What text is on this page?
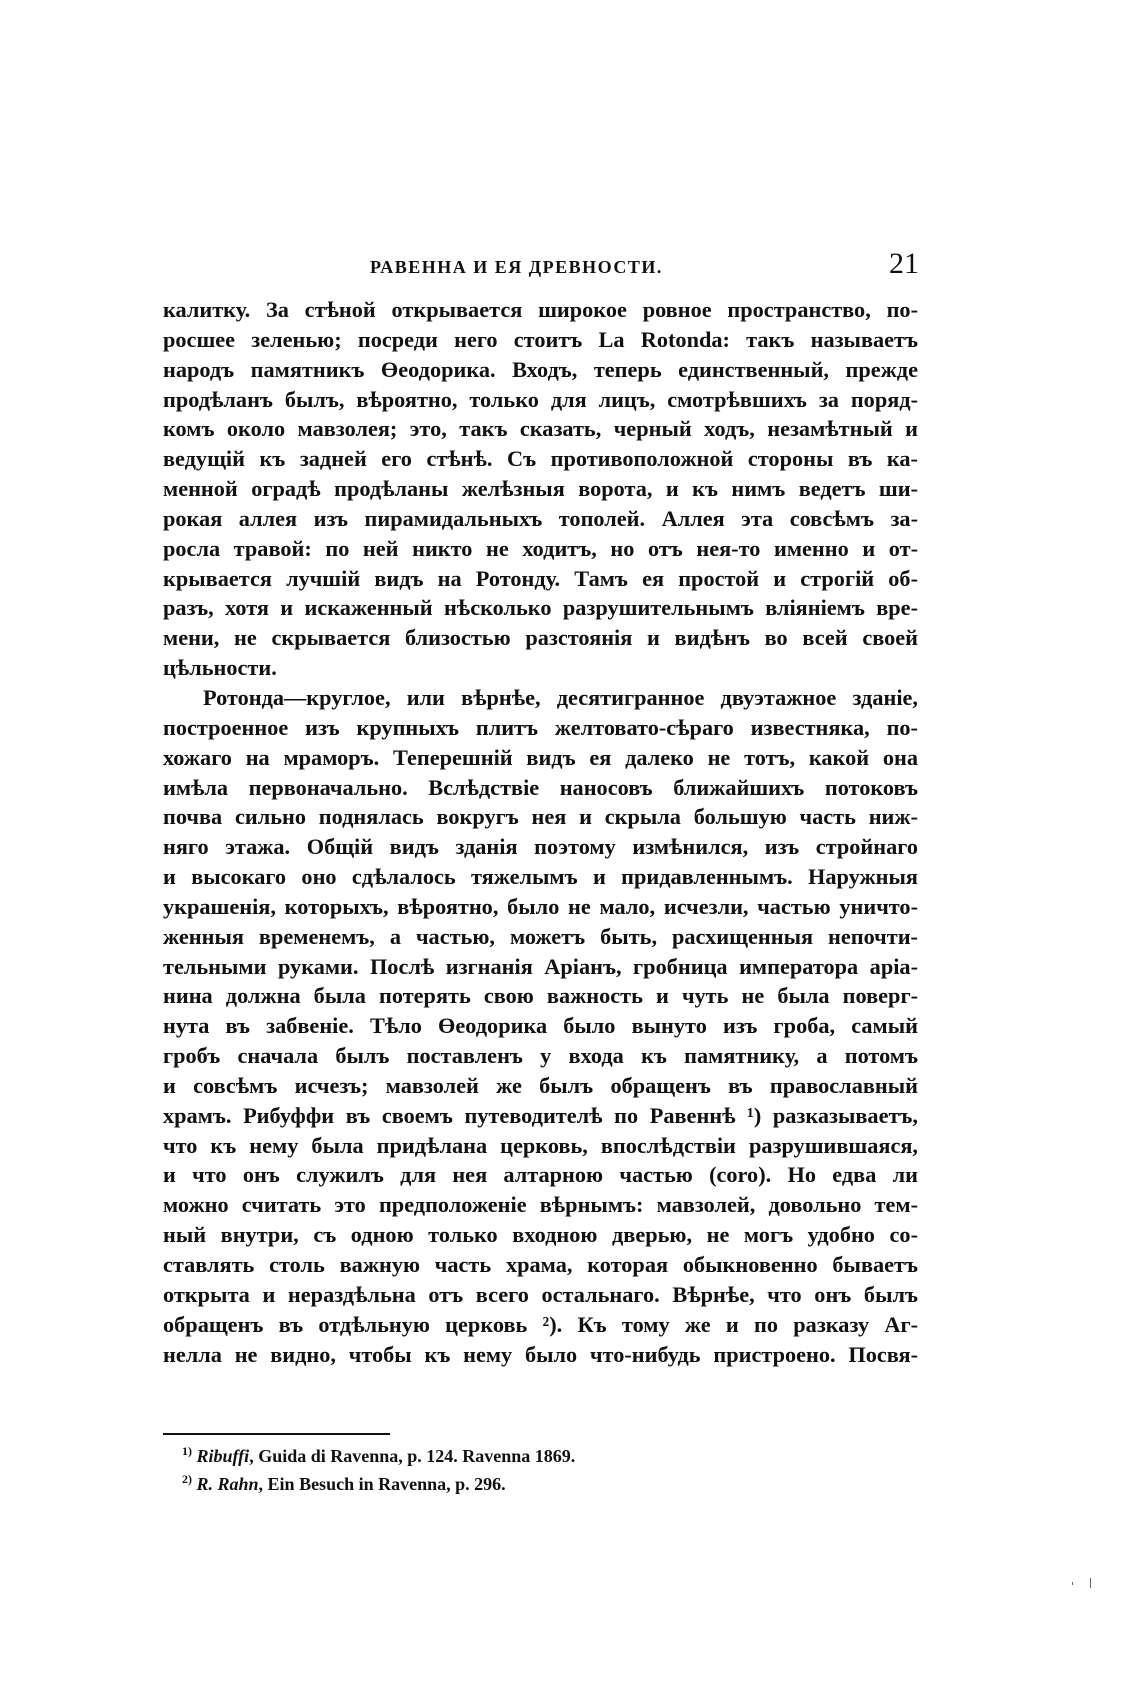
РАВЕННА И ЕЯ ДРЕВНОСТИ.	21
калитку. За стѣной открывается широкое ровное пространство, по-
росшее зеленью; посреди него стоитъ La Rotonda: такъ называетъ
народъ памятникъ Өеодорика. Входъ, теперь единственный, прежде
продѣланъ былъ, вѣроятно, только для лицъ, смотрѣвшихъ за поряд-
комъ около мавзолея; это, такъ сказать, черный ходъ, незамѣтный и
ведущій къ задней его стѣнѣ. Съ противоположной стороны въ ка-
менной оградѣ продѣланы желѣзныя ворота, и къ нимъ ведетъ ши-
рокая аллея изъ пирамидальныхъ тополей. Аллея эта совсѣмъ за-
росла травой: по ней никто не ходитъ, но отъ нея-то именно и от-
крывается лучшій видъ на Ротонду. Тамъ ея простой и строгій об-
разъ, хотя и искаженный нѣсколько разрушительнымъ вліяніемъ вре-
мени, не скрывается близостью разстоянія и видѣнъ во всей своей
цѣльности.
Ротонда—круглое, или вѣрнѣе, десятигранное двуэтажное зданіе,
построенное изъ крупныхъ плитъ желтовато-сѣраго известняка, по-
хожаго на мраморъ. Теперешній видъ ея далеко не тотъ, какой она
имѣла первоначально. Вслѣдствіе наносовъ ближайшихъ потоковъ
почва сильно поднялась вокругъ нея и скрыла большую часть ниж-
няго этажа. Общій видъ зданія поэтому измѣнился, изъ стройнаго
и высокаго оно сдѣлалось тяжелымъ и придавленнымъ. Наружныя
украшенія, которыхъ, вѣроятно, было не мало, исчезли, частью уничто-
женныя временемъ, а частью, можетъ быть, расхищенныя непочти-
тельными руками. Послѣ изгнанія Аріанъ, гробница императора аріа-
нина должна была потерять свою важность и чуть не была поверг-
нута въ забвеніе. Тѣло Өеодорика было вынуто изъ гроба, самый
гробъ сначала былъ поставленъ у входа къ памятнику, а потомъ
и совсѣмъ исчезъ; мавзолей же былъ обращенъ въ православный
храмъ. Рибуффи въ своемъ путеводителѣ по Равеннѣ ¹) разказываетъ,
что къ нему была придѣлана церковь, впослѣдствіи разрушившаяся,
и что онъ служилъ для нея алтарною частью (coro). Но едва ли
можно считать это предположеніе вѣрнымъ: мавзолей, довольно тем-
ный внутри, съ одною только входною дверью, не могъ удобно со-
ставлять столь важную часть храма, которая обыкновенно бываетъ
открыта и нераздѣльна отъ всего остальнаго. Вѣрнѣе, что онъ былъ
обращенъ въ отдѣльную церковь ²). Къ тому же и по разказу Аг-
нелла не видно, чтобы къ нему было что-нибудь пристроено. Посвя-
$^{1)}$ Ribuffi, Guida di Ravenna, p. 124. Ravenna 1869.
$^{2)}$ R. Rahn, Ein Besuch in Ravenna, p. 296.
